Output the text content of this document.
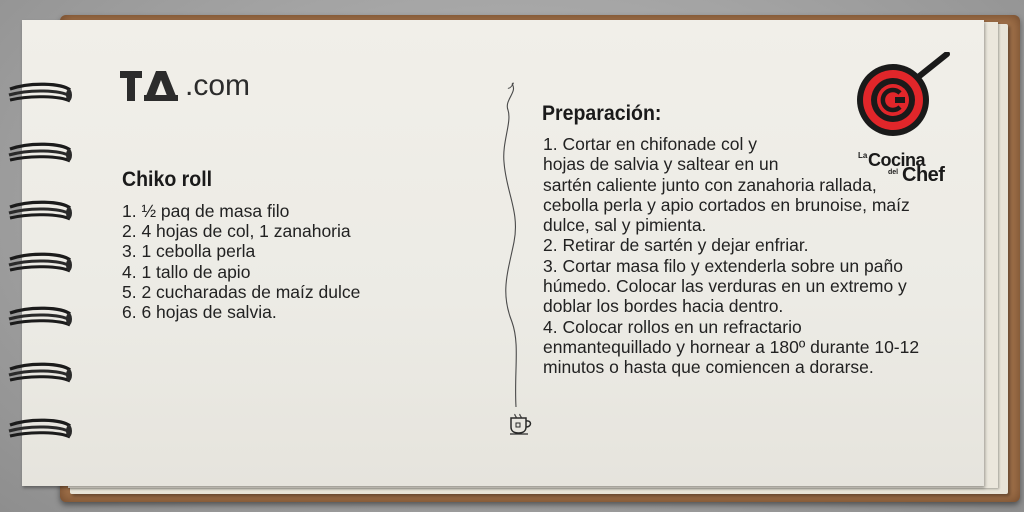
.com
Chiko roll
1. ½ paq de masa filo
2. 4 hojas de col, 1 zanahoria
3. 1 cebolla perla
4. 1 tallo de apio
5. 2 cucharadas de maíz dulce
6. 6 hojas de salvia.
Preparación:

1. Cortar en chifonade col y

hojas de salvia y saltear en un

sartén caliente junto con zanahoria rallada, cebolla perla y apio cortados en brunoise, maíz dulce, sal y pimienta.

2. Retirar de sartén y dejar enfriar.

3. Cortar masa filo y extenderla sobre un paño húmedo. Colocar las verduras en un extremo y doblar los bordes hacia dentro.

4. Colocar rollos en un refractario enmantequillado y hornear a 180º durante 10-12 minutos o hasta que comiencen a dorarse.

La Cocina
del Chef
